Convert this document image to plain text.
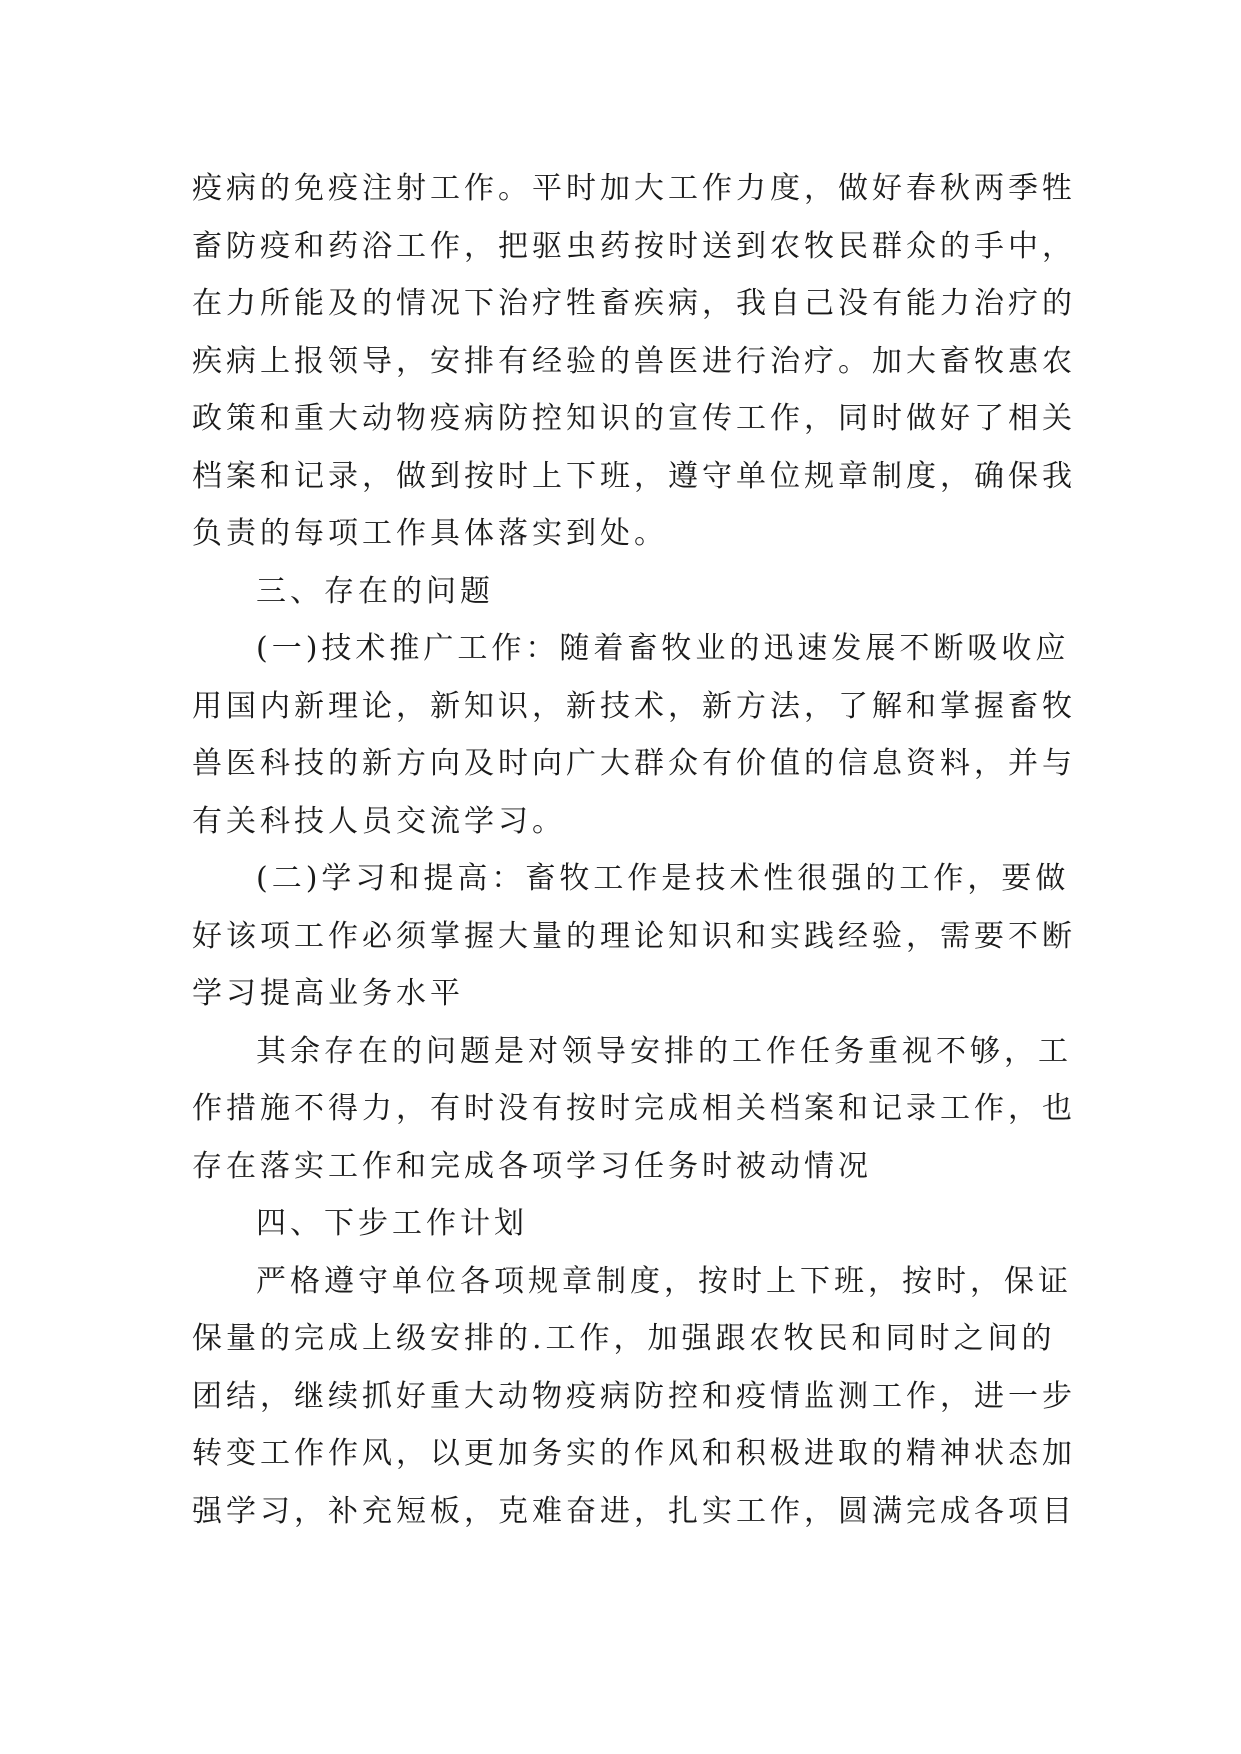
疫病的免疫注射工作。平时加大工作力度，做好春秋两季牲
畜防疫和药浴工作，把驱虫药按时送到农牧民群众的手中，
在力所能及的情况下治疗牲畜疾病，我自己没有能力治疗的
疾病上报领导，安排有经验的兽医进行治疗。加大畜牧惠农
政策和重大动物疫病防控知识的宣传工作，同时做好了相关
档案和记录，做到按时上下班，遵守单位规章制度，确保我
负责的每项工作具体落实到处。
三、存在的问题
(一)技术推广工作：随着畜牧业的迅速发展不断吸收应
用国内新理论，新知识，新技术，新方法，了解和掌握畜牧
兽医科技的新方向及时向广大群众有价值的信息资料，并与
有关科技人员交流学习。
(二)学习和提高：畜牧工作是技术性很强的工作，要做
好该项工作必须掌握大量的理论知识和实践经验，需要不断
学习提高业务水平
其余存在的问题是对领导安排的工作任务重视不够，工
作措施不得力，有时没有按时完成相关档案和记录工作，也
存在落实工作和完成各项学习任务时被动情况
四、下步工作计划
严格遵守单位各项规章制度，按时上下班，按时，保证
保量的完成上级安排的.工作，加强跟农牧民和同时之间的
团结，继续抓好重大动物疫病防控和疫情监测工作，进一步
转变工作作风，以更加务实的作风和积极进取的精神状态加
强学习，补充短板，克难奋进，扎实工作，圆满完成各项目
